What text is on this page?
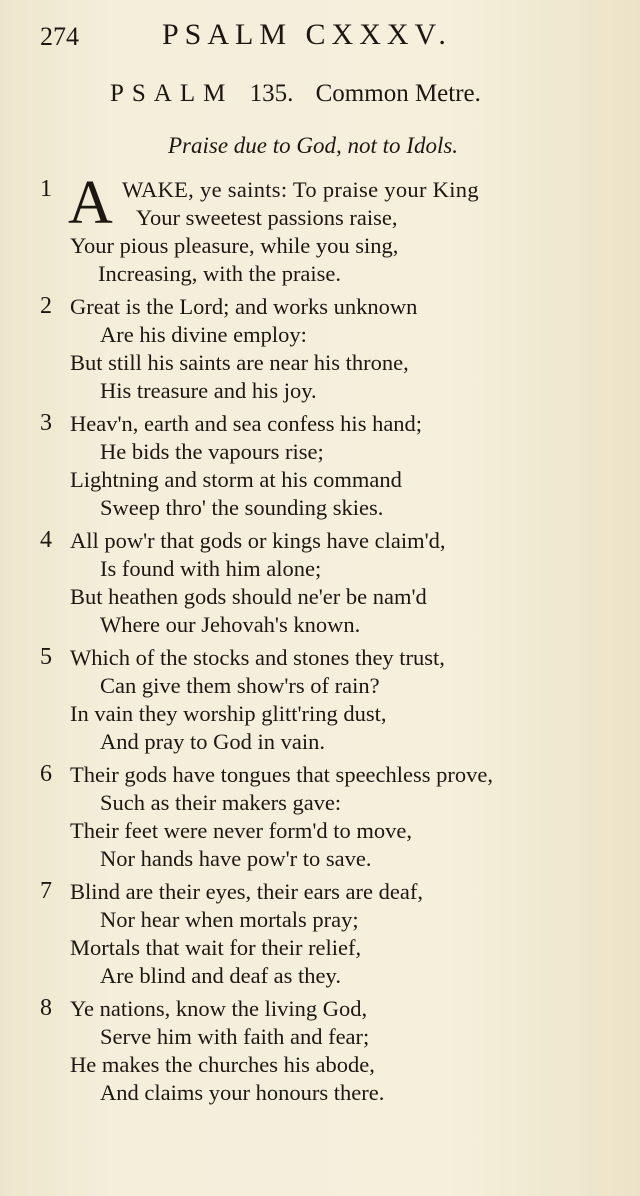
274	PSALM CXXXV.
PSALM 135. Common Metre.
Praise due to God, not to Idols.
1 A WAKE, ye saints: To praise your King
Your sweetest passions raise,
Your pious pleasure, while you sing,
Increasing, with the praise.
2 Great is the Lord; and works unknown
Are his divine employ:
But still his saints are near his throne,
His treasure and his joy.
3 Heav'n, earth and sea confess his hand;
He bids the vapours rise;
Lightning and storm at his command
Sweep thro' the sounding skies.
4 All pow'r that gods or kings have claim'd,
Is found with him alone;
But heathen gods should ne'er be nam'd
Where our Jehovah's known.
5 Which of the stocks and stones they trust,
Can give them show'rs of rain?
In vain they worship glitt'ring dust,
And pray to God in vain.
6 Their gods have tongues that speechless prove,
Such as their makers gave:
Their feet were never form'd to move,
Nor hands have pow'r to save.
7 Blind are their eyes, their ears are deaf,
Nor hear when mortals pray;
Mortals that wait for their relief,
Are blind and deaf as they.
8 Ye nations, know the living God,
Serve him with faith and fear;
He makes the churches his abode,
And claims your honours there.
